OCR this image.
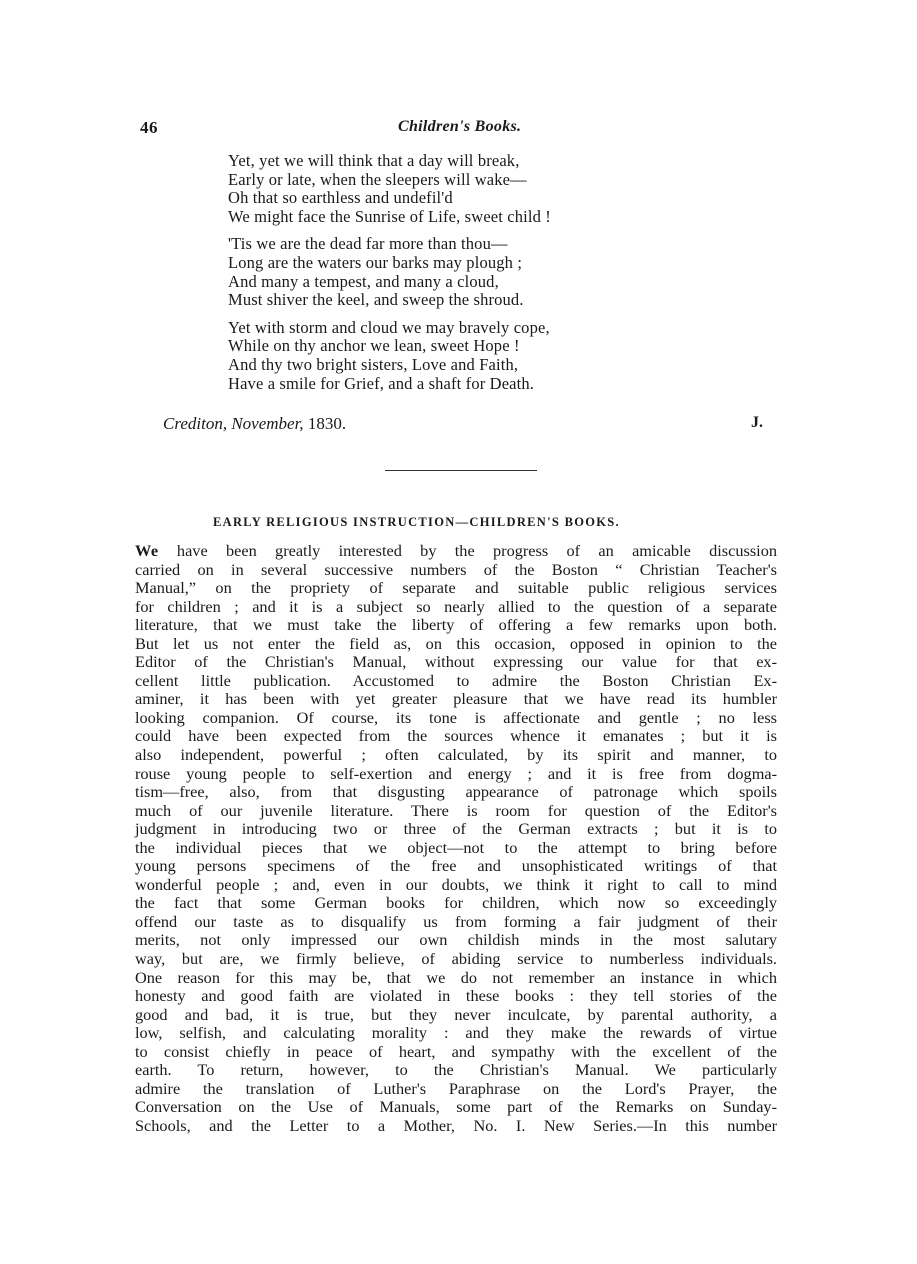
46	Children's Books.
Yet, yet we will think that a day will break,
Early or late, when the sleepers will wake—
Oh that so earthless and undefil'd
We might face the Sunrise of Life, sweet child !
'Tis we are the dead far more than thou—
Long are the waters our barks may plough ;
And many a tempest, and many a cloud,
Must shiver the keel, and sweep the shroud.
Yet with storm and cloud we may bravely cope,
While on thy anchor we lean, sweet Hope !
And thy two bright sisters, Love and Faith,
Have a smile for Grief, and a shaft for Death.
Crediton, November, 1830.	J.
EARLY RELIGIOUS INSTRUCTION—CHILDREN'S BOOKS.
We have been greatly interested by the progress of an amicable discussion
carried on in several successive numbers of the Boston “ Christian Teacher's
Manual,” on the propriety of separate and suitable public religious services
for children ; and it is a subject so nearly allied to the question of a separate
literature, that we must take the liberty of offering a few remarks upon both.
But let us not enter the field as, on this occasion, opposed in opinion to the
Editor of the Christian's Manual, without expressing our value for that ex-
cellent little publication. Accustomed to admire the Boston Christian Ex-
aminer, it has been with yet greater pleasure that we have read its humbler
looking companion. Of course, its tone is affectionate and gentle ; no less
could have been expected from the sources whence it emanates ; but it is
also independent, powerful ; often calculated, by its spirit and manner, to
rouse young people to self-exertion and energy ; and it is free from dogma-
tism—free, also, from that disgusting appearance of patronage which spoils
much of our juvenile literature. There is room for question of the Editor's
judgment in introducing two or three of the German extracts ; but it is to
the individual pieces that we object—not to the attempt to bring before
young persons specimens of the free and unsophisticated writings of that
wonderful people ; and, even in our doubts, we think it right to call to mind
the fact that some German books for children, which now so exceedingly
offend our taste as to disqualify us from forming a fair judgment of their
merits, not only impressed our own childish minds in the most salutary
way, but are, we firmly believe, of abiding service to numberless individuals.
One reason for this may be, that we do not remember an instance in which
honesty and good faith are violated in these books : they tell stories of the
good and bad, it is true, but they never inculcate, by parental authority, a
low, selfish, and calculating morality : and they make the rewards of virtue
to consist chiefly in peace of heart, and sympathy with the excellent of the
earth. To return, however, to the Christian's Manual. We particularly
admire the translation of Luther's Paraphrase on the Lord's Prayer, the
Conversation on the Use of Manuals, some part of the Remarks on Sunday-
Schools, and the Letter to a Mother, No. I. New Series.—In this number
